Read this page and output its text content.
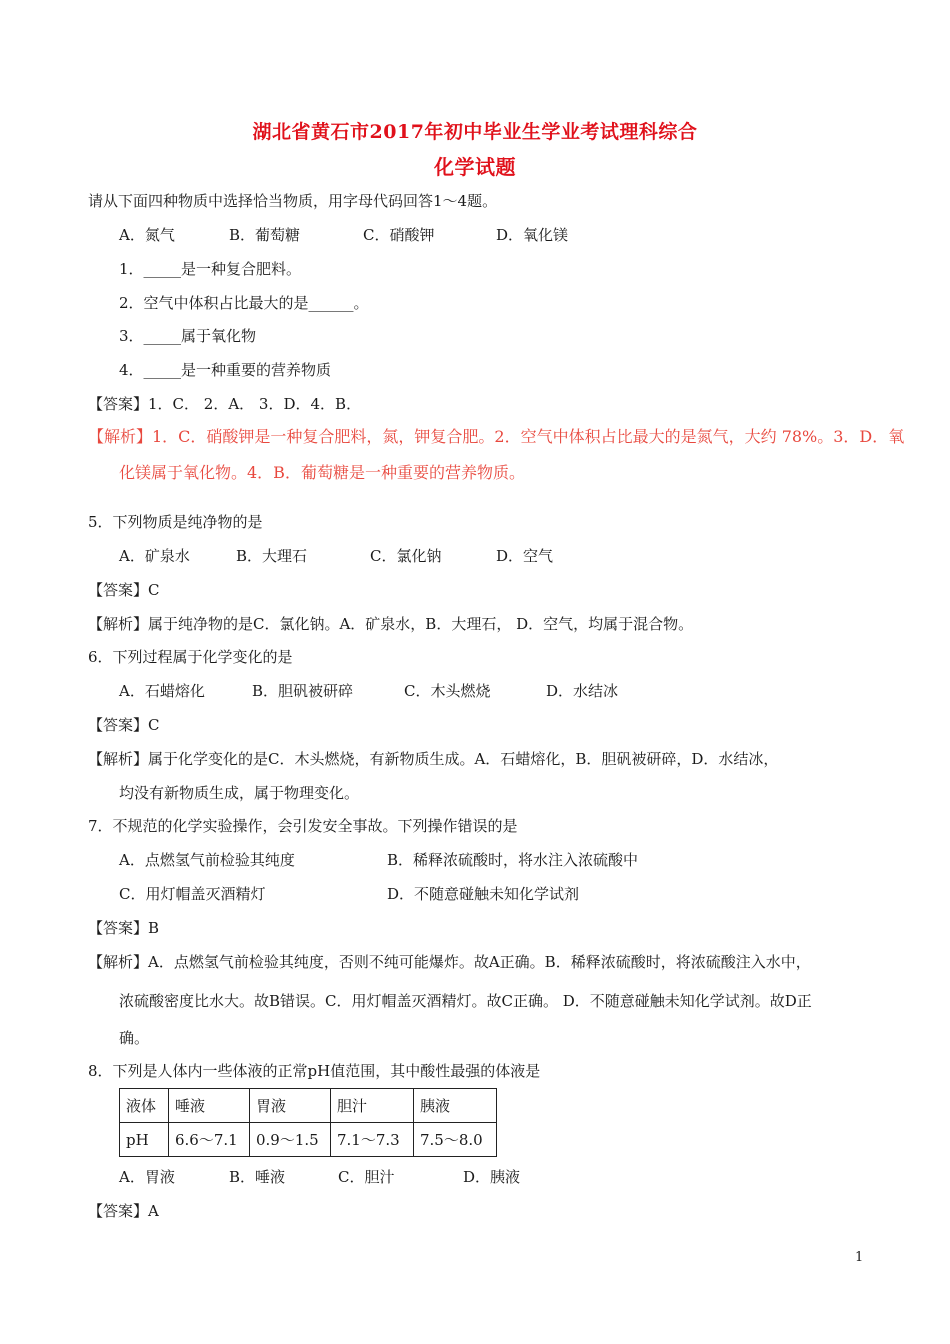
湖北省黄石市2017年初中毕业生学业考试理科综合
化学试题
请从下面四种物质中选择恰当物质，用字母代码回答1～4题。
A．氮气	B．葡萄糖	C．硝酸钾	D．氧化镁
1．_____是一种复合肥料。
2．空气中体积占比最大的是______。
3．_____属于氧化物
4．_____是一种重要的营养物质
【答案】1．C． 2．A． 3．D．4．B．
【解析】1．C．硝酸钾是一种复合肥料，氮，钾复合肥。2．空气中体积占比最大的是氮气，大约 78%。3．D．氧
化镁属于氧化物。4．B．葡萄糖是一种重要的营养物质。
5．下列物质是纯净物的是
A．矿泉水	B．大理石	C．氯化钠	D．空气
【答案】C
【解析】属于纯净物的是C．氯化钠。A．矿泉水，B．大理石， D．空气，均属于混合物。
6．下列过程属于化学变化的是
A．石蜡熔化	B．胆矾被研碎	C．木头燃烧	D．水结冰
【答案】C
【解析】属于化学变化的是C．木头燃烧，有新物质生成。A．石蜡熔化，B．胆矾被研碎，D．水结冰，
均没有新物质生成，属于物理变化。
7．不规范的化学实验操作，会引发安全事故。下列操作错误的是
A．点燃氢气前检验其纯度	B．稀释浓硫酸时，将水注入浓硫酸中
C．用灯帽盖灭酒精灯	D．不随意碰触未知化学试剂
【答案】B
【解析】A．点燃氢气前检验其纯度，否则不纯可能爆炸。故A正确。B．稀释浓硫酸时，将浓硫酸注入水中，
浓硫酸密度比水大。故B错误。C．用灯帽盖灭酒精灯。故C正确。 D．不随意碰触未知化学试剂。故D正
确。
8．下列是人体内一些体液的正常pH值范围，其中酸性最强的体液是
液体	唾液	胃液	胆汁	胰液
pH	6.6～7.1	0.9～1.5	7.1～7.3	7.5～8.0
A．胃液	B．唾液	C．胆汁	D．胰液
【答案】A
1
